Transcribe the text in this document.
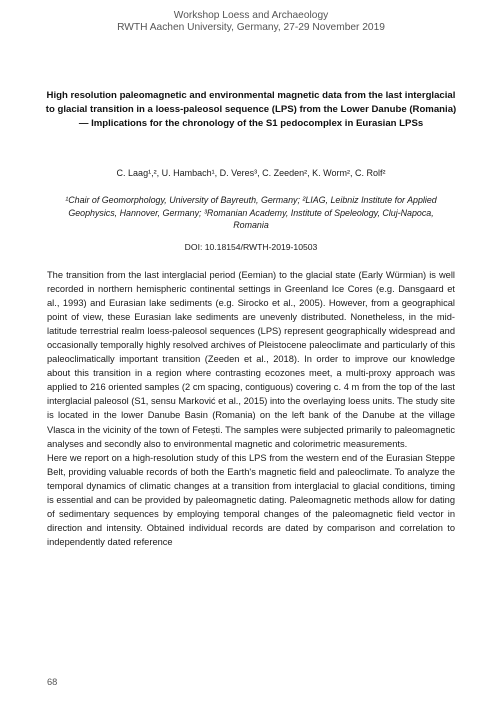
Workshop Loess and Archaeology
RWTH Aachen University, Germany, 27-29 November 2019
High resolution paleomagnetic and environmental magnetic data from the last interglacial to glacial transition in a loess-paleosol sequence (LPS) from the Lower Danube (Romania) — Implications for the chronology of the S1 pedocomplex in Eurasian LPSs
C. Laag¹,², U. Hambach¹, D. Veres³, C. Zeeden², K. Worm², C. Rolf²
¹Chair of Geomorphology, University of Bayreuth, Germany; ²LIAG, Leibniz Institute for Applied Geophysics, Hannover, Germany; ³Romanian Academy, Institute of Speleology, Cluj-Napoca, Romania
DOI: 10.18154/RWTH-2019-10503

The transition from the last interglacial period (Eemian) to the glacial state (Early Würmian) is well recorded in northern hemispheric continental settings in Greenland Ice Cores (e.g. Dansgaard et al., 1993) and Eurasian lake sediments (e.g. Sirocko et al., 2005). However, from a geographical point of view, these Eurasian lake sediments are unevenly distributed. Nonetheless, in the mid-latitude terrestrial realm loess-paleosol sequences (LPS) represent geographically widespread and occasionally temporally highly resolved archives of Pleistocene paleoclimate and particularly of this paleoclimatically important transition (Zeeden et al., 2018). In order to improve our knowledge about this transition in a region where contrasting ecozones meet, a multi-proxy approach was applied to 216 oriented samples (2 cm spacing, contiguous) covering c. 4 m from the top of the last interglacial paleosol (S1, sensu Marković et al., 2015) into the overlaying loess units. The study site is located in the lower Danube Basin (Romania) on the left bank of the Danube at the village Vlasca in the vicinity of the town of Fetești. The samples were subjected primarily to paleomagnetic analyses and secondly also to environmental magnetic and colorimetric measurements.

Here we report on a high-resolution study of this LPS from the western end of the Eurasian Steppe Belt, providing valuable records of both the Earth's magnetic field and paleoclimate. To analyze the temporal dynamics of climatic changes at a transition from interglacial to glacial conditions, timing is essential and can be provided by paleomagnetic dating. Paleomagnetic methods allow for dating of sedimentary sequences by employing temporal changes of the paleomagnetic field vector in direction and intensity. Obtained individual records are dated by comparison and correlation to independently dated reference

68
